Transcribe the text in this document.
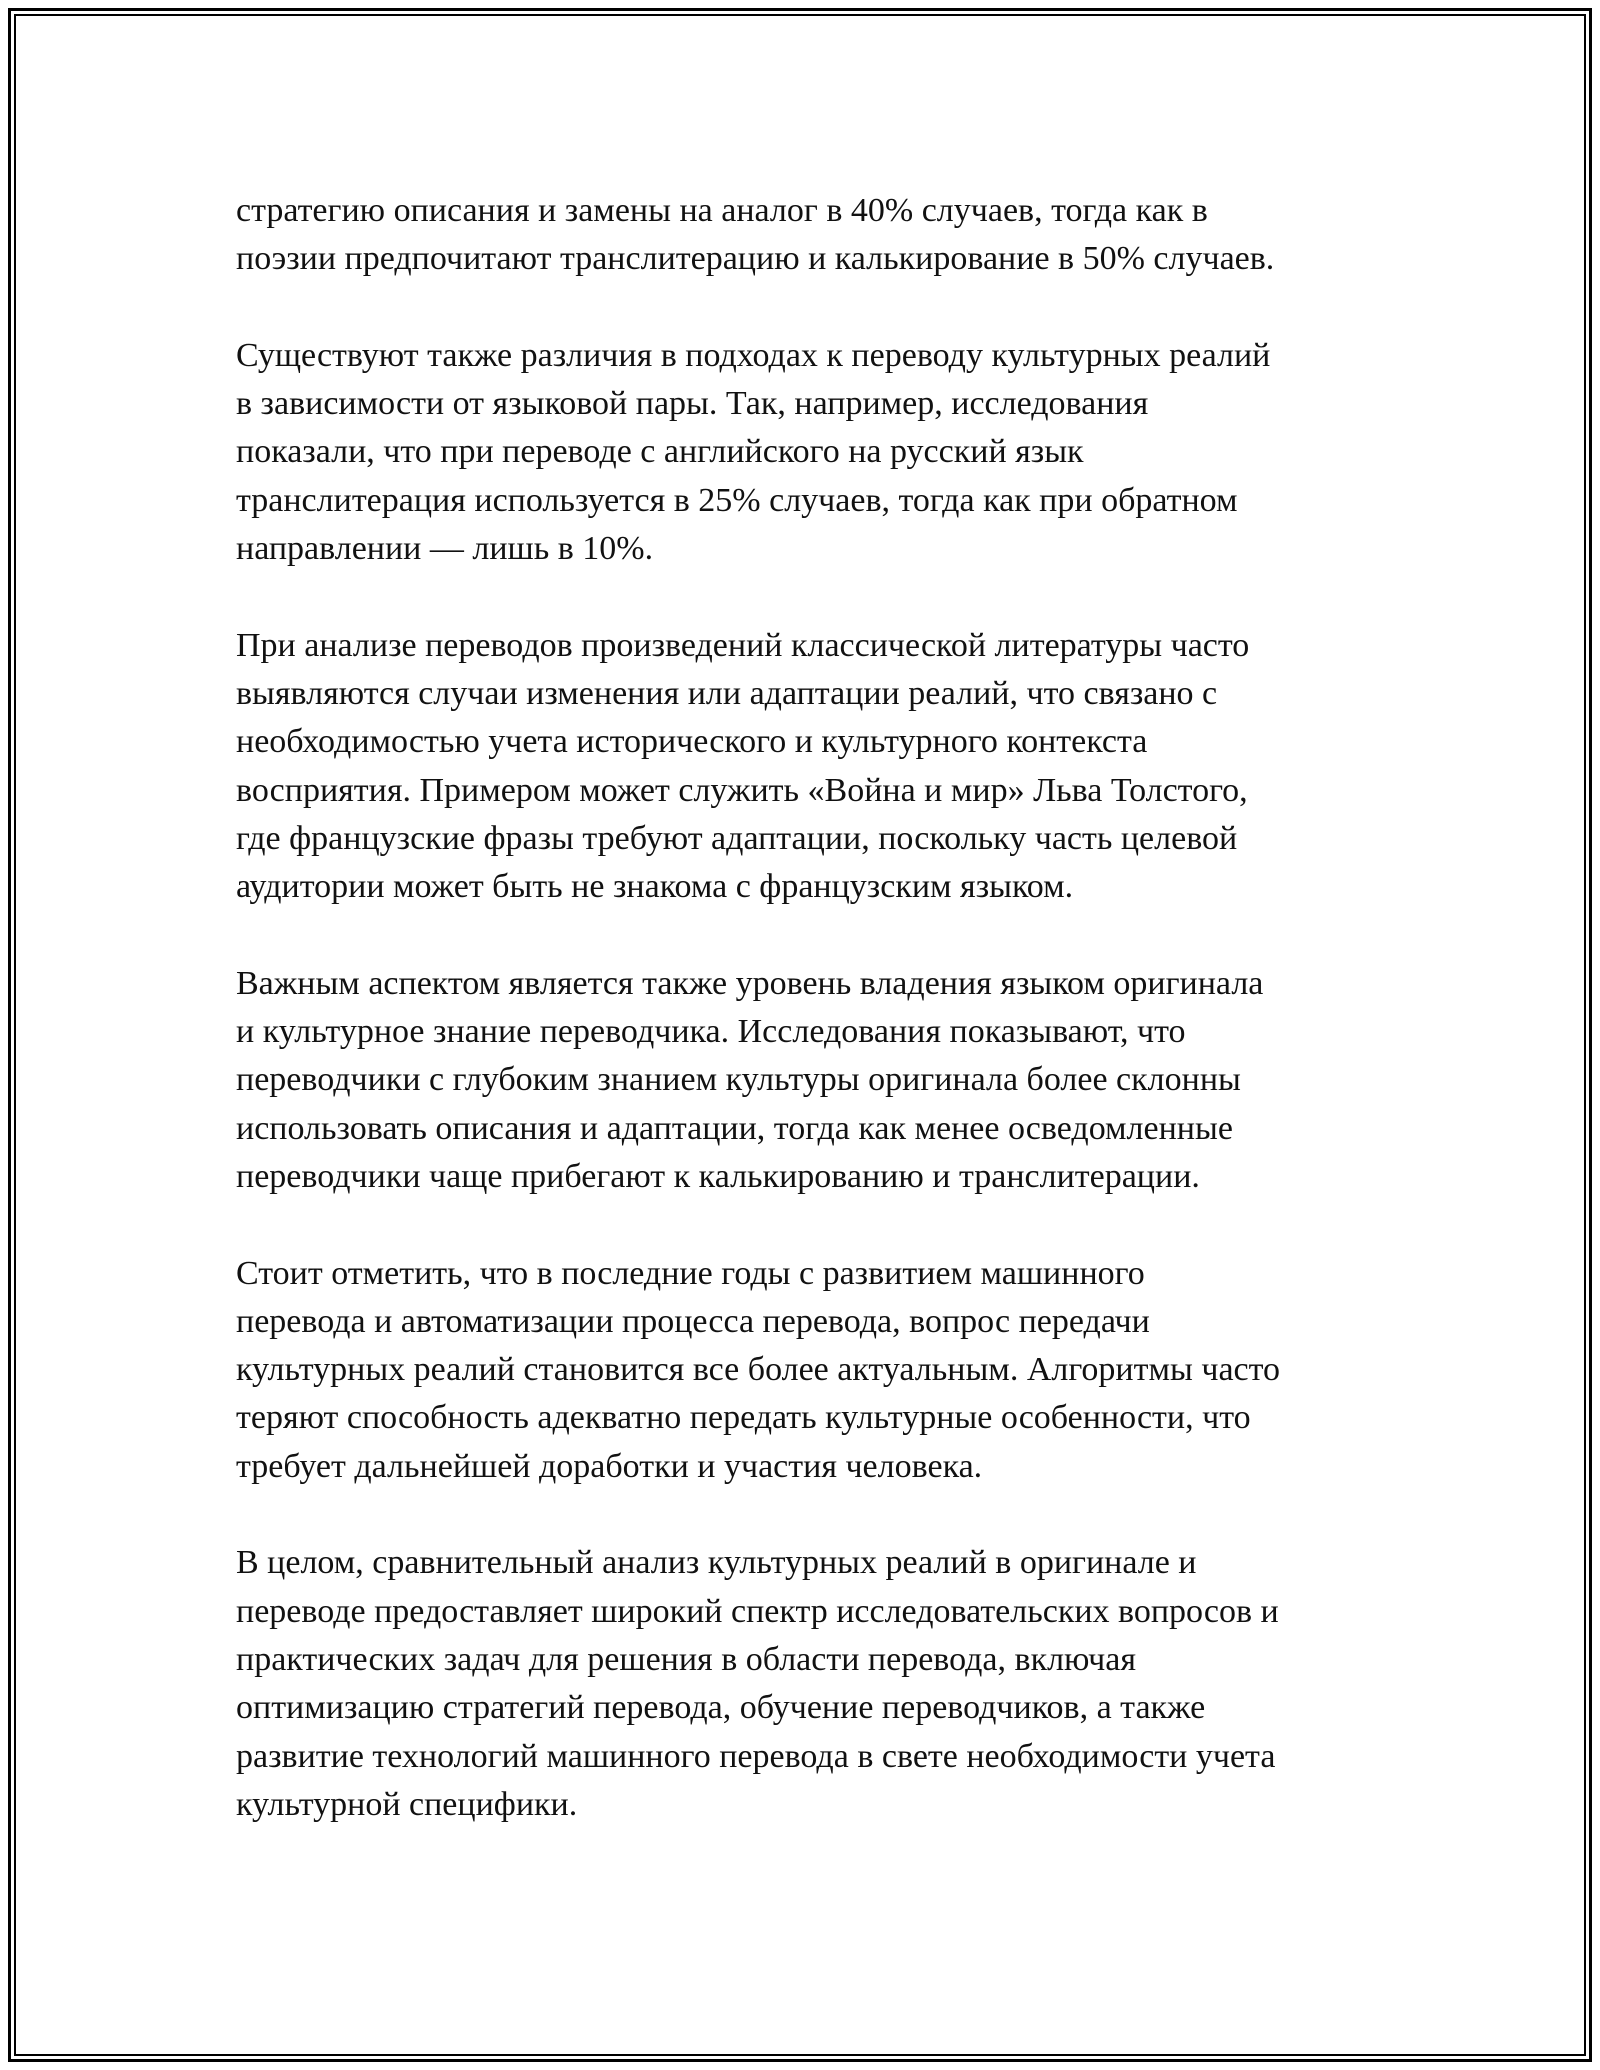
стратегию описания и замены на аналог в 40% случаев, тогда как в
поэзии предпочитают транслитерацию и калькирование в 50% случаев.

Существуют также различия в подходах к переводу культурных реалий
в зависимости от языковой пары. Так, например, исследования
показали, что при переводе с английского на русский язык
транслитерация используется в 25% случаев, тогда как при обратном
направлении — лишь в 10%.

При анализе переводов произведений классической литературы часто
выявляются случаи изменения или адаптации реалий, что связано с
необходимостью учета исторического и культурного контекста
восприятия. Примером может служить «Война и мир» Льва Толстого,
где французские фразы требуют адаптации, поскольку часть целевой
аудитории может быть не знакома с французским языком.

Важным аспектом является также уровень владения языком оригинала
и культурное знание переводчика. Исследования показывают, что
переводчики с глубоким знанием культуры оригинала более склонны
использовать описания и адаптации, тогда как менее осведомленные
переводчики чаще прибегают к калькированию и транслитерации.

Стоит отметить, что в последние годы с развитием машинного
перевода и автоматизации процесса перевода, вопрос передачи
культурных реалий становится все более актуальным. Алгоритмы часто
теряют способность адекватно передать культурные особенности, что
требует дальнейшей доработки и участия человека.

В целом, сравнительный анализ культурных реалий в оригинале и
переводе предоставляет широкий спектр исследовательских вопросов и
практических задач для решения в области перевода, включая
оптимизацию стратегий перевода, обучение переводчиков, а также
развитие технологий машинного перевода в свете необходимости учета
культурной специфики.
